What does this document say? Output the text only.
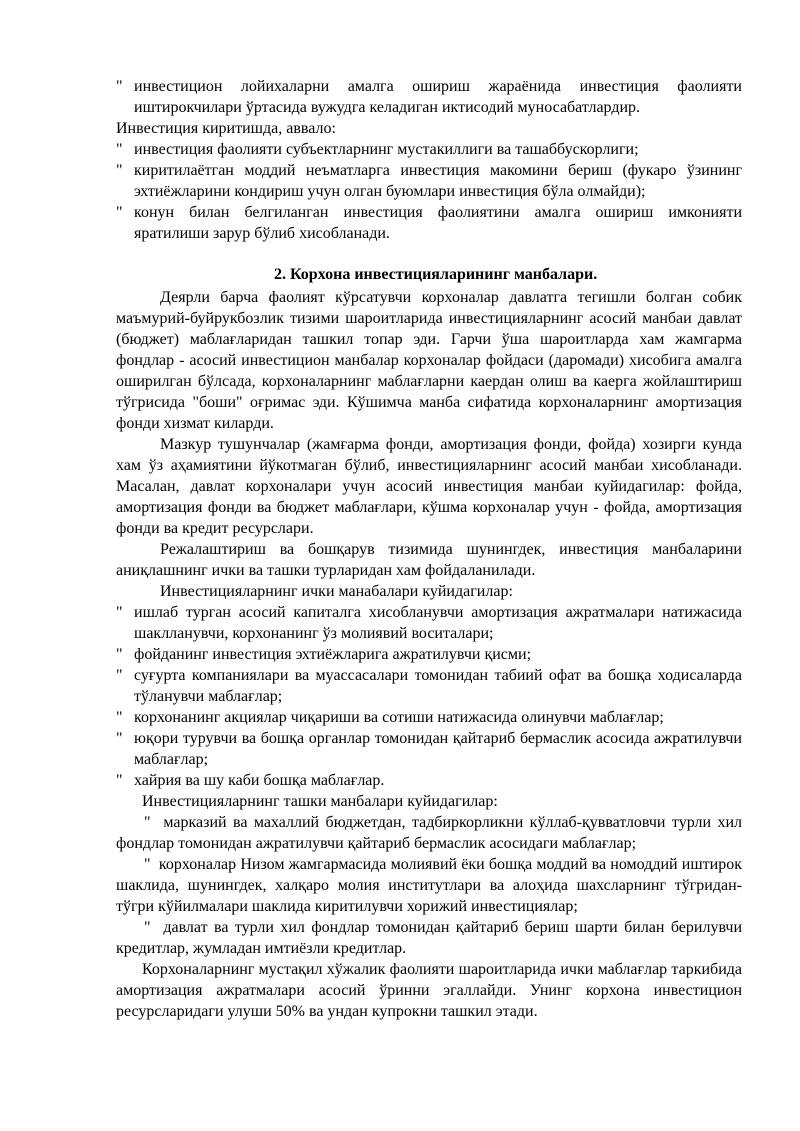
" инвестицион лойихаларни амалга ошириш жараёнида инвестиция фаолияти иштирокчилари ўртасида вужудга келадиган иктисодий муносабатлардир.

Инвестиция киритишда, аввало:

" инвестиция фаолияти субъектларнинг мустакиллиги ва ташаббускорлиги;

" киритилаётган моддий неъматларга инвестиция макомини бериш (фукаро ўзининг эхтиёжларини кондириш учун олган буюмлари инвестиция бўла олмайди);

" конун билан белгиланган инвестиция фаолиятини амалга ошириш имконияти яратилиши зарур бўлиб хисобланади.

2. Корхона инвестицияларининг манбалари.

Деярли барча фаолият кўрсатувчи корхоналар давлатга тегишли болган собик маъмурий-буйрукбозлик тизими шароитларида инвестицияларнинг асосий манбаи давлат (бюджет) маблағларидан ташкил топар эди. Гарчи ўша шароитларда хам жамгарма фондлар - асосий инвестицион манбалар корхоналар фойдаси (даромади) хисобига амалга оширилган бўлсада, корхоналарнинг маблағларни каердан олиш ва каерга жойлаштириш тўгрисида "боши" оғримас эди. Кўшимча манба сифатида корхоналарнинг амортизация фонди хизмат киларди.

Мазкур тушунчалар (жамғарма фонди, амортизация фонди, фойда) хозирги кунда хам ўз аҳамиятини йўкотмаган бўлиб, инвестицияларнинг асосий манбаи хисобланади. Масалан, давлат корхоналари учун асосий инвестиция манбаи куйидагилар: фойда, амортизация фонди ва бюджет маблағлари, кўшма корхоналар учун - фойда, амортизация фонди ва кредит ресурслари.

Режалаштириш ва бошқарув тизимида шунингдек, инвестиция манбаларини аниқлашнинг ички ва ташки турларидан хам фойдаланилади.

Инвестицияларнинг ички манабалари куйидагилар:

" ишлаб турган асосий капиталга хисобланувчи амортизация ажратмалари натижасида шаклланувчи, корхонанинг ўз молиявий воситалари;

" фойданинг инвестиция эхтиёжларига ажратилувчи қисми;

" суғурта компаниялари ва муассасалари томонидан табиий офат ва бошқа ходисаларда тўланувчи маблағлар;

" корхонанинг акциялар чиқариши ва сотиши натижасида олинувчи маблағлар;

" юқори турувчи ва бошқа органлар томонидан қайтариб бермаслик асосида ажратилувчи маблағлар;

" хайрия ва шу каби бошқа маблағлар.

Инвестицияларнинг ташки манбалари куйидагилар:

" марказий ва махаллий бюджетдан, тадбиркорликни кўллаб-қувватловчи турли хил фондлар томонидан ажратилувчи қайтариб бермаслик асосидаги маблағлар;

" корхоналар Низом жамгармасида молиявий ёки бошқа моддий ва номоддий иштирок шаклида, шунингдек, халқаро молия институтлари ва алоҳида шахсларнинг тўгридан-тўгри кўйилмалари шаклида киритилувчи хорижий инвестициялар;

" давлат ва турли хил фондлар томонидан қайтариб бериш шарти билан берилувчи кредитлар, жумладан имтиёзли кредитлар.

Корхоналарнинг мустақил хўжалик фаолияти шароитларида ички маблағлар таркибида амортизация ажратмалари асосий ўринни эгаллайди. Унинг корхона инвестицион ресурсларидаги улуши 50% ва ундан купрокни ташкил этади.
